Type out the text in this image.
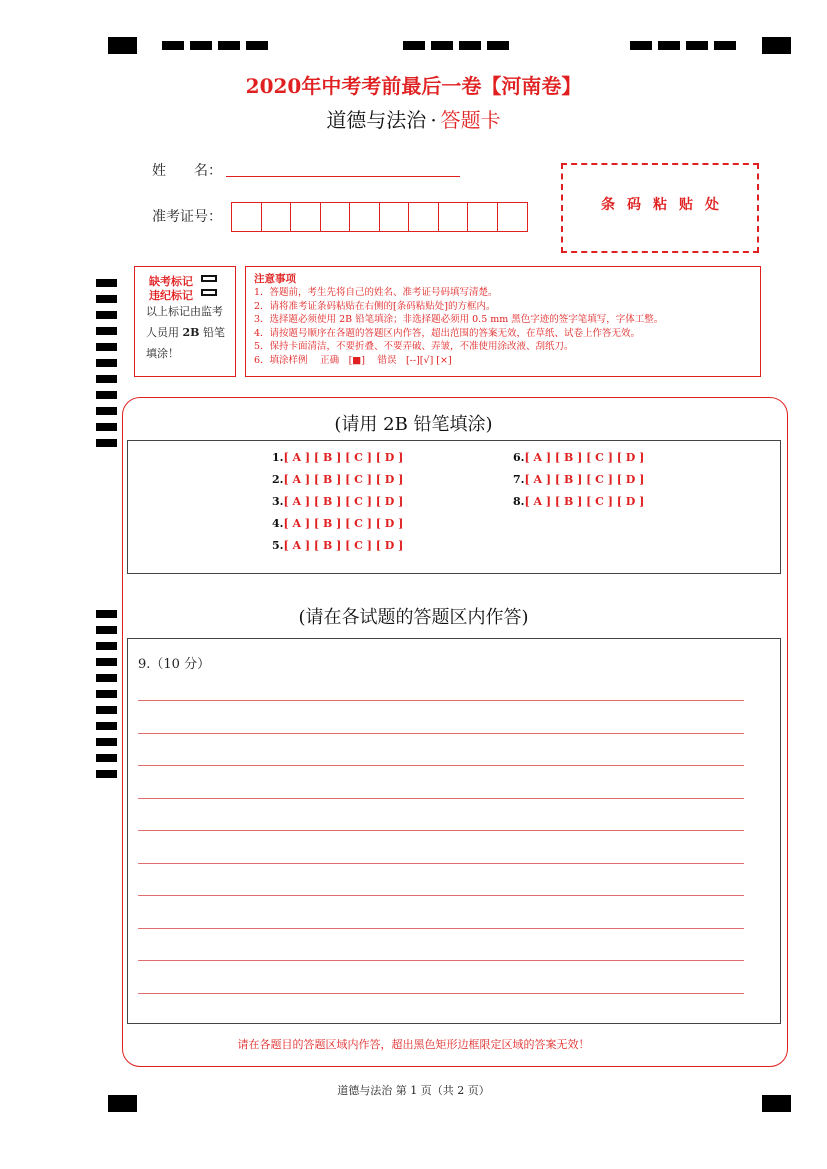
2020年中考考前最后一卷【河南卷】
道德与法治 · 答题卡
姓　　名：
准考证号：
条码粘贴处
缺考标记
违纪标记
以上标记由监考
人员用 2B 铅笔
填涂！
注意事项
1．答题前，考生先将自己的姓名、准考证号码填写清楚。
2．请将准考证条码粘贴在右侧的[条码粘贴处]的方框内。
3．选择题必须使用 2B 铅笔填涂；非选择题必须用 0.5 mm 黑色字迹的签字笔填写，字体工整。
4．请按题号顺序在各题的答题区内作答，超出范围的答案无效，在草纸、试卷上作答无效。
5．保持卡面清洁，不要折叠、不要弄破、弄皱，不准使用涂改液、刮纸刀。
6．填涂样例　 正确　[■]　 错误　[--][√] [×]
(请用 2B 铅笔填涂)
1.[ A ] [ B ] [ C ] [ D ]
2.[ A ] [ B ] [ C ] [ D ]
3.[ A ] [ B ] [ C ] [ D ]
4.[ A ] [ B ] [ C ] [ D ]
5.[ A ] [ B ] [ C ] [ D ]
6.[ A ] [ B ] [ C ] [ D ]
7.[ A ] [ B ] [ C ] [ D ]
8.[ A ] [ B ] [ C ] [ D ]
(请在各试题的答题区内作答)
9.（10 分）
请在各题目的答题区域内作答，超出黑色矩形边框限定区域的答案无效！
道德与法治 第 1 页（共 2 页）
